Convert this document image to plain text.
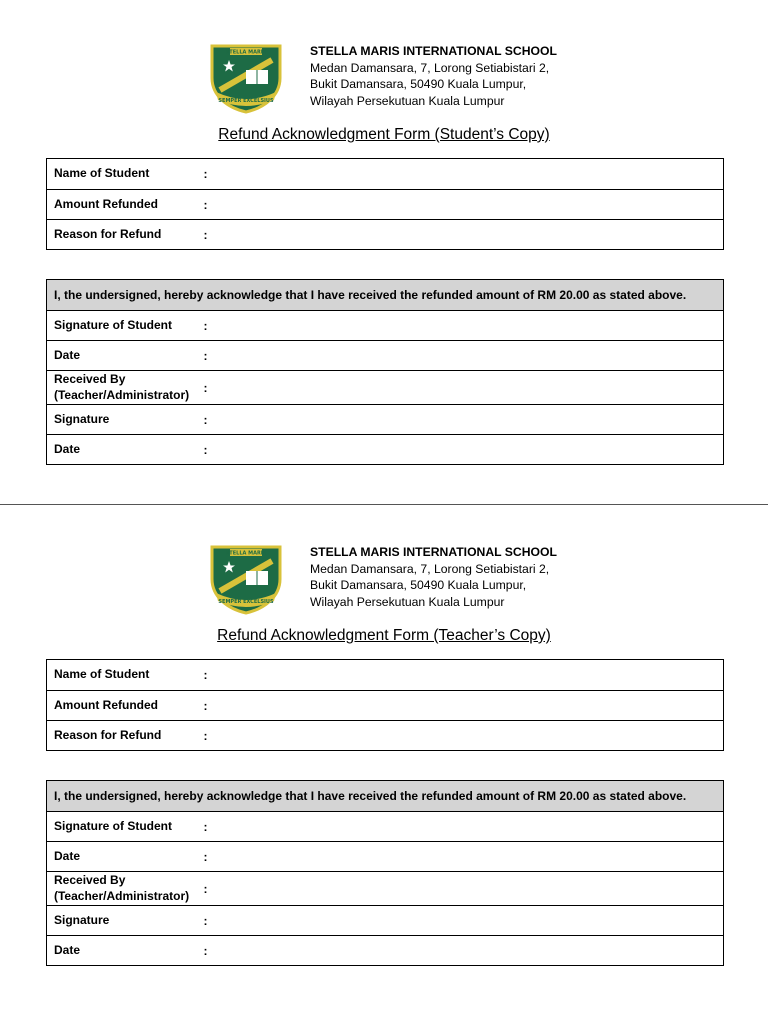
STELLA MARIS
SEMPER EXCELSIUS
STELLA MARIS INTERNATIONAL SCHOOL
Medan Damansara, 7, Lorong Setiabistari 2,
Bukit Damansara, 50490 Kuala Lumpur,
Wilayah Persekutuan Kuala Lumpur
Refund Acknowledgment Form (Student’s Copy)
Name of Student	:
Amount Refunded	:
Reason for Refund	:
I, the undersigned, hereby acknowledge that I have received the refunded amount of RM 20.00 as stated above.	
Signature of Student	:
Date	:

Received By
(Teacher/Administrator)	:
Signature	:
Date	:
STELLA MARIS
SEMPER EXCELSIUS
STELLA MARIS INTERNATIONAL SCHOOL
Medan Damansara, 7, Lorong Setiabistari 2,
Bukit Damansara, 50490 Kuala Lumpur,
Wilayah Persekutuan Kuala Lumpur
Refund Acknowledgment Form (Teacher’s Copy)
Name of Student	:
Amount Refunded	:
Reason for Refund	:
I, the undersigned, hereby acknowledge that I have received the refunded amount of RM 20.00 as stated above.	
Signature of Student	:
Date	:

Received By
(Teacher/Administrator)	:
Signature	:
Date	:
